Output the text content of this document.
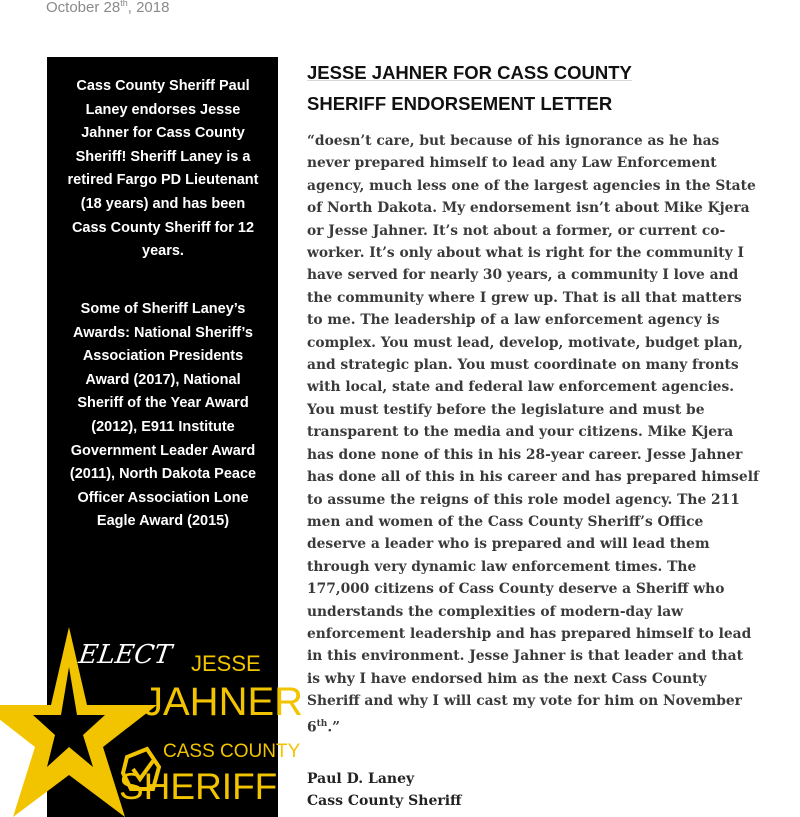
October 28th, 2018

Cass County Sheriff Paul Laney endorses Jesse Jahner for Cass County Sheriff! Sheriff Laney is a retired Fargo PD Lieutenant (18 years) and has been Cass County Sheriff for 12 years.

Some of Sheriff Laney’s Awards: National Sheriff’s Association Presidents Award (2017), National Sheriff of the Year Award (2012), E911 Institute Government Leader Award (2011), North Dakota Peace Officer Association Lone Eagle Award (2015)

ELECT JESSE
JAHNER
CASS COUNTY
SHERIFF
JESSE JAHNER FOR CASS COUNTY
SHERIFF ENDORSEMENT LETTER
“doesn’t care, but because of his ignorance as he has never prepared himself to lead any Law Enforcement agency, much less one of the largest agencies in the State of North Dakota. My endorsement isn’t about Mike Kjera or Jesse Jahner. It’s not about a former, or current co-worker. It’s only about what is right for the community I have served for nearly 30 years, a community I love and the community where I grew up. That is all that matters to me. The leadership of a law enforcement agency is complex. You must lead, develop, motivate, budget plan, and strategic plan. You must coordinate on many fronts with local, state and federal law enforcement agencies. You must testify before the legislature and must be transparent to the media and your citizens. Mike Kjera has done none of this in his 28-year career. Jesse Jahner has done all of this in his career and has prepared himself to assume the reigns of this role model agency. The 211 men and women of the Cass County Sheriff’s Office deserve a leader who is prepared and will lead them through very dynamic law enforcement times. The 177,000 citizens of Cass County deserve a Sheriff who understands the complexities of modern-day law enforcement leadership and has prepared himself to lead in this environment. Jesse Jahner is that leader and that is why I have endorsed him as the next Cass County Sheriff and why I will cast my vote for him on November 6th.”
Paul D. Laney
Cass County Sheriff
